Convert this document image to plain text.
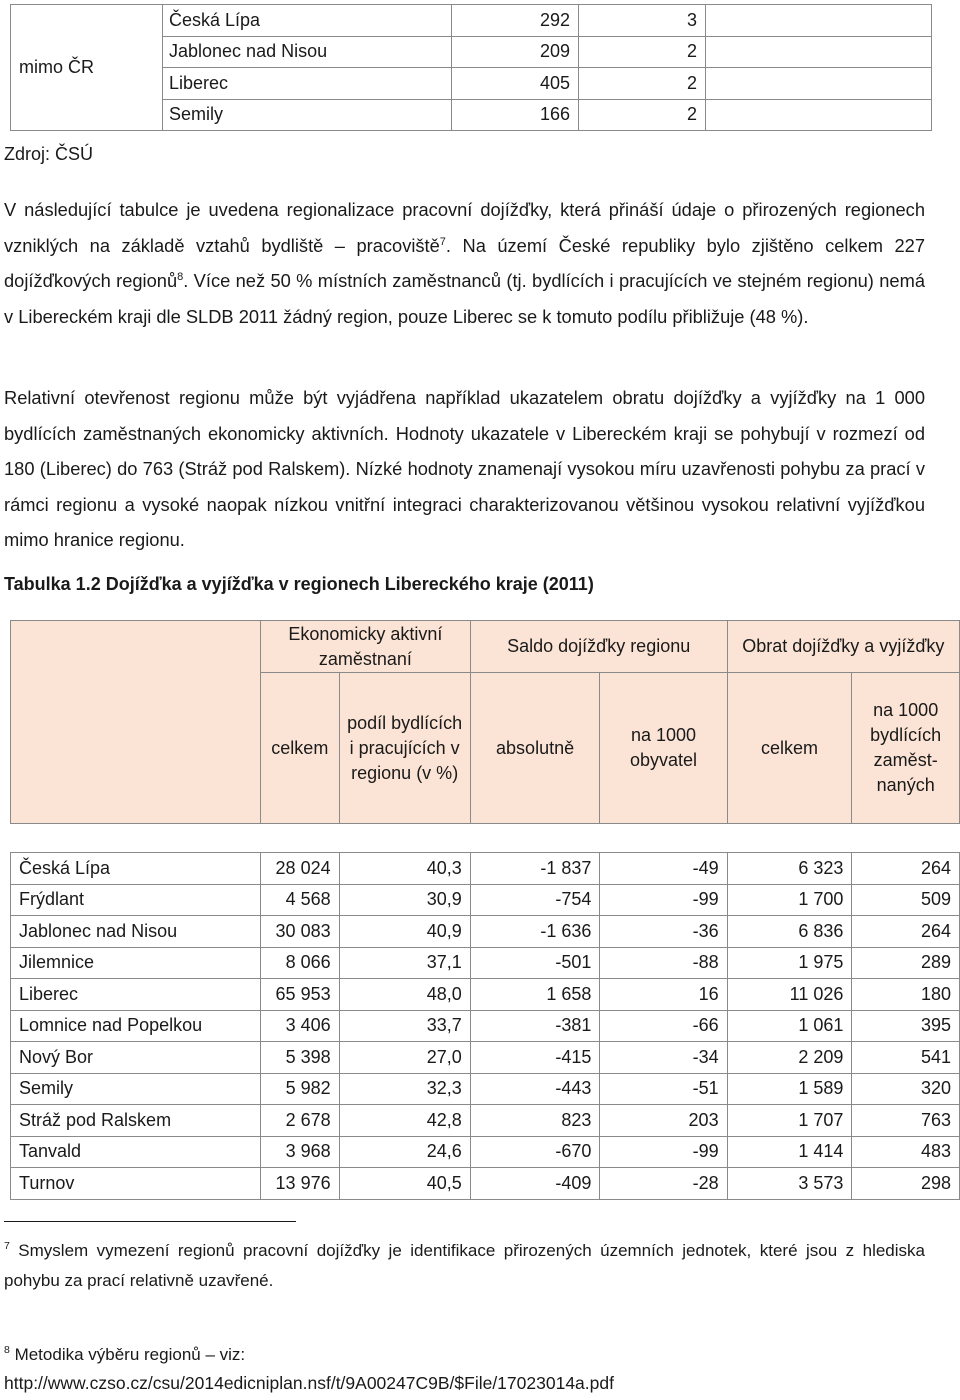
mimo ČR	Česká Lípa	292	3	
	Jablonec nad Nisou	209	2	
	Liberec	405	2	
	Semily	166	2	
Zdroj: ČSÚ
V následující tabulce je uvedena regionalizace pracovní dojížďky, která přináší údaje o přirozených regionech vzniklých na základě vztahů bydliště – pracoviště$^7$. Na území České republiky bylo zjištěno celkem 227 dojížďkových regionů$^8$. Více než 50 % místních zaměstnanců (tj. bydlících i pracujících ve stejném regionu) nemá v Libereckém kraji dle SLDB 2011 žádný region, pouze Liberec se k tomuto podílu přibližuje (48 %).
Relativní otevřenost regionu může být vyjádřena například ukazatelem obratu dojížďky a vyjížďky na 1 000 bydlících zaměstnaných ekonomicky aktivních. Hodnoty ukazatele v Libereckém kraji se pohybují v rozmezí od 180 (Liberec) do 763 (Stráž pod Ralskem). Nízké hodnoty znamenají vysokou míru uzavřenosti pohybu za prací v rámci regionu a vysoké naopak nízkou vnitřní integraci charakterizovanou většinou vysokou relativní vyjížďkou mimo hranice regionu.
Tabulka 1.2 Dojížďka a vyjížďka v regionech Libereckého kraje (2011)
	Ekonomicky aktivní zaměstnaní		Saldo dojížďky regionu		Obrat dojížďky a vyjížďky	
	celkem	podíl bydlících i pracujících v regionu (v %)	absolutně	na 1000 obyvatel	celkem	na 1000 bydlících zaměst-naných

Česká Lípa	28 024	40,3	-1 837	-49	6 323	264
Frýdlant	4 568	30,9	-754	-99	1 700	509
Jablonec nad Nisou	30 083	40,9	-1 636	-36	6 836	264
Jilemnice	8 066	37,1	-501	-88	1 975	289
Liberec	65 953	48,0	1 658	16	11 026	180
Lomnice nad Popelkou	3 406	33,7	-381	-66	1 061	395
Nový Bor	5 398	27,0	-415	-34	2 209	541
Semily	5 982	32,3	-443	-51	1 589	320
Stráž pod Ralskem	2 678	42,8	823	203	1 707	763
Tanvald	3 968	24,6	-670	-99	1 414	483
Turnov	13 976	40,5	-409	-28	3 573	298
$^7$ Smyslem vymezení regionů pracovní dojížďky je identifikace přirozených územních jednotek, které jsou z hlediska pohybu za prací relativně uzavřené.
$^8$ Metodika výběru regionů – viz:
http://www.czso.cz/csu/2014edicniplan.nsf/t/9A00247C9B/$File/17023014a.pdf
